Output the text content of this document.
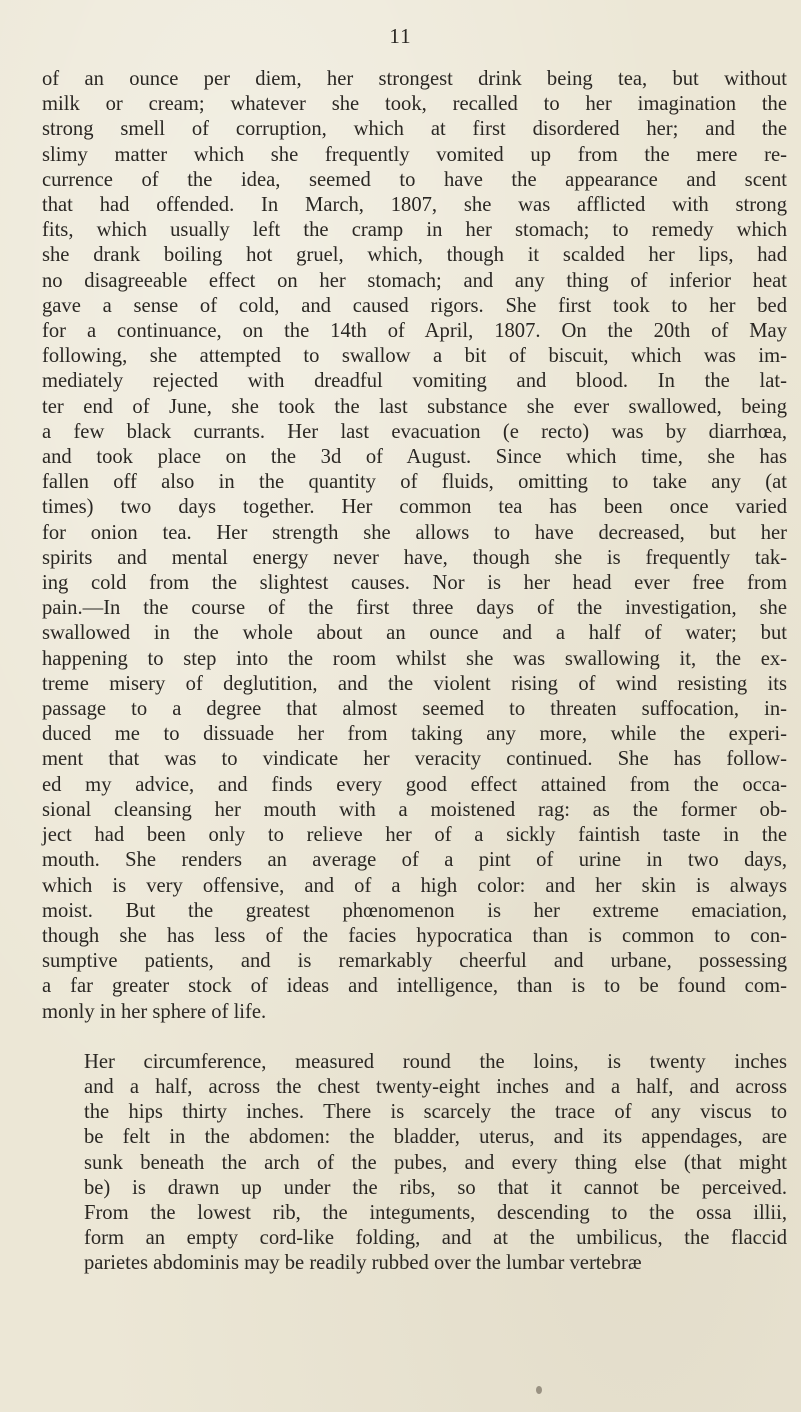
11

of an ounce per diem, her strongest drink being tea, but without
milk or cream; whatever she took, recalled to her imagination the
strong smell of corruption, which at first disordered her; and the
slimy matter which she frequently vomited up from the mere re-
currence of the idea, seemed to have the appearance and scent
that had offended. In March, 1807, she was afflicted with strong
fits, which usually left the cramp in her stomach; to remedy which
she drank boiling hot gruel, which, though it scalded her lips, had
no disagreeable effect on her stomach; and any thing of inferior heat
gave a sense of cold, and caused rigors. She first took to her bed
for a continuance, on the 14th of April, 1807. On the 20th of May
following, she attempted to swallow a bit of biscuit, which was im-
mediately rejected with dreadful vomiting and blood. In the lat-
ter end of June, she took the last substance she ever swallowed, being
a few black currants. Her last evacuation (e recto) was by diarrhœa,
and took place on the 3d of August. Since which time, she has
fallen off also in the quantity of fluids, omitting to take any (at
times) two days together. Her common tea has been once varied
for onion tea. Her strength she allows to have decreased, but her
spirits and mental energy never have, though she is frequently tak-
ing cold from the slightest causes. Nor is her head ever free from
pain.—In the course of the first three days of the investigation, she
swallowed in the whole about an ounce and a half of water; but
happening to step into the room whilst she was swallowing it, the ex-
treme misery of deglutition, and the violent rising of wind resisting its
passage to a degree that almost seemed to threaten suffocation, in-
duced me to dissuade her from taking any more, while the experi-
ment that was to vindicate her veracity continued. She has follow-
ed my advice, and finds every good effect attained from the occa-
sional cleansing her mouth with a moistened rag: as the former ob-
ject had been only to relieve her of a sickly faintish taste in the
mouth. She renders an average of a pint of urine in two days,
which is very offensive, and of a high color: and her skin is always
moist. But the greatest phœnomenon is her extreme emaciation,
though she has less of the facies hypocratica than is common to con-
sumptive patients, and is remarkably cheerful and urbane, possessing
a far greater stock of ideas and intelligence, than is to be found com-
monly in her sphere of life.

Her circumference, measured round the loins, is twenty inches
and a half, across the chest twenty-eight inches and a half, and across
the hips thirty inches. There is scarcely the trace of any viscus to
be felt in the abdomen: the bladder, uterus, and its appendages, are
sunk beneath the arch of the pubes, and every thing else (that might
be) is drawn up under the ribs, so that it cannot be perceived.
From the lowest rib, the integuments, descending to the ossa illii,
form an empty cord-like folding, and at the umbilicus, the flaccid
parietes abdominis may be readily rubbed over the lumbar vertebræ
